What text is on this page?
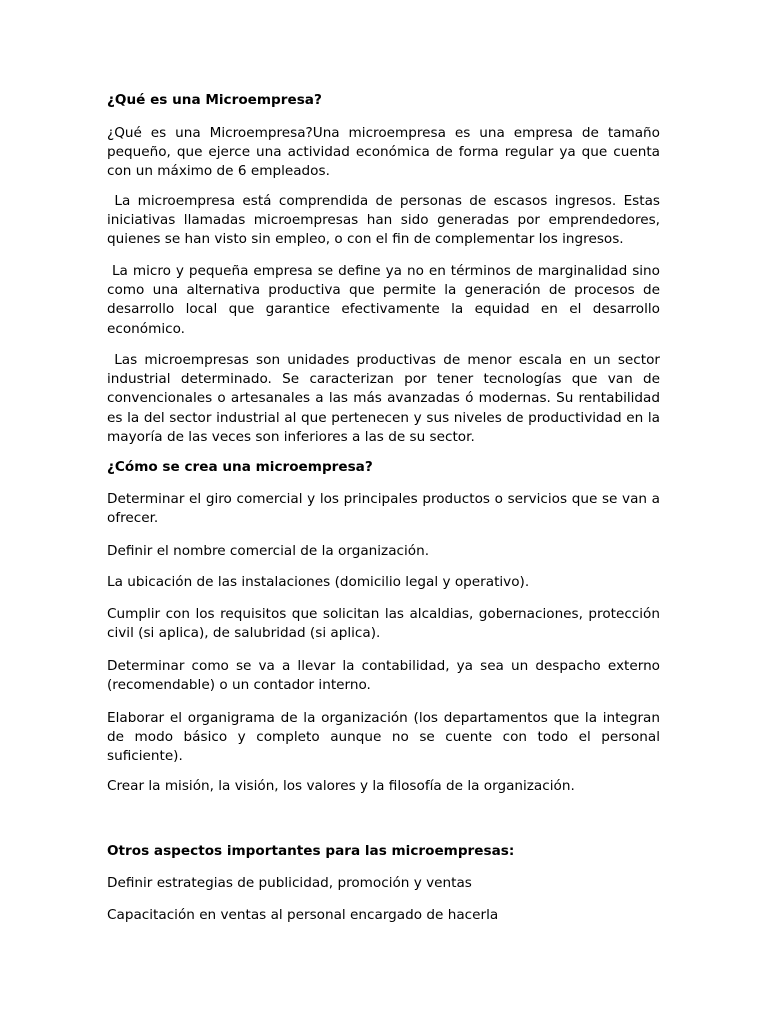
¿Qué es una Microempresa?

¿Qué es una Microempresa?Una microempresa es una empresa de tamaño pequeño, que ejerce una actividad económica de forma regular ya que cuenta con un máximo de 6 empleados.

La microempresa está comprendida de personas de escasos ingresos. Estas iniciativas llamadas microempresas han sido generadas por emprendedores, quienes se han visto sin empleo, o con el fin de complementar los ingresos.

La micro y pequeña empresa se define ya no en términos de marginalidad sino como una alternativa productiva que permite la generación de procesos de desarrollo local que garantice efectivamente la equidad en el desarrollo económico.

Las microempresas son unidades productivas de menor escala en un sector industrial determinado. Se caracterizan por tener tecnologías que van de convencionales o artesanales a las más avanzadas ó modernas. Su rentabilidad es la del sector industrial al que pertenecen y sus niveles de productividad en la mayoría de las veces son inferiores a las de su sector.

¿Cómo se crea una microempresa?

Determinar el giro comercial y los principales productos o servicios que se van a ofrecer.

Definir el nombre comercial de la organización.

La ubicación de las instalaciones (domicilio legal y operativo).

Cumplir con los requisitos que solicitan las alcaldias, gobernaciones, protección civil (si aplica), de salubridad (si aplica).

Determinar como se va a llevar la contabilidad, ya sea un despacho externo (recomendable) o un contador interno.

Elaborar el organigrama de la organización (los departamentos que la integran de modo básico y completo aunque no se cuente con todo el personal suficiente).

Crear la misión, la visión, los valores y la filosofía de la organización.

Otros aspectos importantes para las microempresas:

Definir estrategias de publicidad, promoción y ventas

Capacitación en ventas al personal encargado de hacerla
